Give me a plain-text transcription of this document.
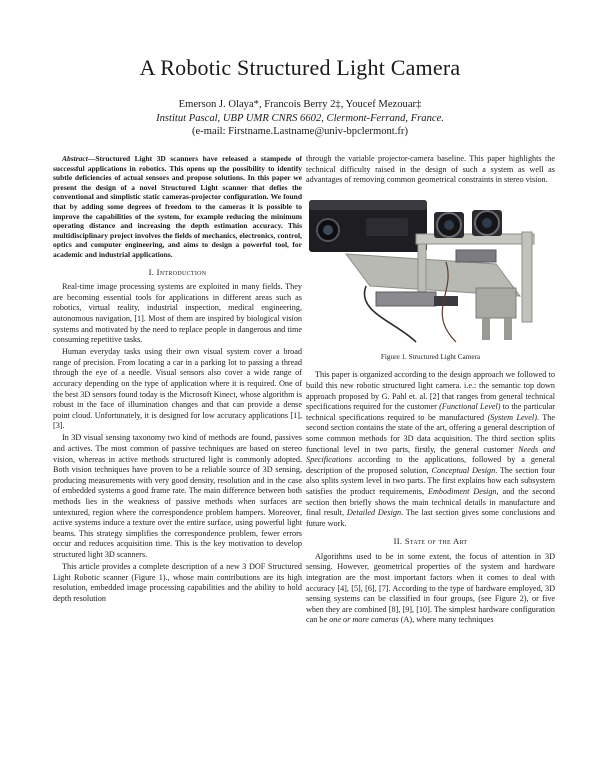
A Robotic Structured Light Camera
Emerson J. Olaya*, Francois Berry 2‡, Youcef Mezouar‡
Institut Pascal, UBP UMR CNRS 6602, Clermont-Ferrand, France.
(e-mail: Firstname.Lastname@univ-bpclermont.fr)

Abstract—Structured Light 3D scanners have released a stampede of successful applications in robotics. This opens up the possibility to identify subtle deficiencies of actual sensors and propose solutions. In this paper we present the design of a novel Structured Light scanner that defies the conventional and simplistic static cameras-projector configuration. We found that by adding some degrees of freedom to the cameras it is possible to improve the capabilities of the system, for example reducing the minimum operating distance and increasing the depth estimation accuracy. This multidisciplinary project involves the fields of mechanics, electronics, control, optics and computer engineering, and aims to design a powerful tool, for academic and industrial applications.

I. Introduction

Real-time image processing systems are exploited in many fields. They are becoming essential tools for applications in different areas such as robotics, virtual reality, industrial inspection, medical engineering, autonomous navigation, [1]. Most of them are inspired by biological vision systems and motivated by the need to replace people in dangerous and time consuming repetitive tasks.

Human everyday tasks using their own visual system cover a broad range of precision. From locating a car in a parking lot to passing a thread through the eye of a needle. Visual sensors also cover a wide range of accuracy depending on the type of application where it is required. One of the best 3D sensors found today is the Microsoft Kinect, whose algorithm is robust in the face of illumination changes and that can provide a dense point cloud. Unfortunately, it is designed for low accuracy applications [1], [3].

In 3D visual sensing taxonomy two kind of methods are found, passives and actives. The most common of passive techniques are based on stereo vision, whereas in active methods structured light is commonly adopted. Both vision techniques have proven to be a reliable source of 3D sensing, producing measurements with very good density, resolution and in the case of embedded systems a good frame rate. The main difference between both methods lies in the weakness of passive methods when surfaces are untextured, region where the correspondence problem hampers. Moreover, active systems induce a texture over the entire surface, using powerful light beams. This strategy simplifies the correspondence problem, fewer errors occur and reduces acquisition time. This is the key motivation to develop structured light 3D scanners.

This article provides a complete description of a new 3 DOF Structured Light Robotic scanner (Figure 1)., whose main contributions are its high resolution, embedded image processing capabilities and the ability to hold depth resolution

through the variable projector-camera baseline. This paper highlights the technical difficulty raised in the design of such a system as well as advantages of removing common geometrical constraints in stereo vision.

Figure 1. Structured Light Camera

This paper is organized according to the design approach we followed to build this new robotic structured light camera. i.e.: the semantic top down approach proposed by G. Pahl et. al. [2] that ranges from general technical specifications required for the customer (Functional Level) to the particular technical specifications required to be manufactured (System Level). The second section contains the state of the art, offering a general description of some common methods for 3D data acquisition. The third section splits functional level in two parts, firstly, the general customer Needs and Specifications according to the applications, followed by a general description of the proposed solution, Conceptual Design. The section four also splits system level in two parts. The first explains how each subsystem satisfies the product requirements, Embodiment Design, and the second section then briefly shows the main technical details in manufacture and final result, Detailed Design. The last section gives some conclusions and future work.

II. State of the Art

Algorithms used to be in some extent, the focus of attention in 3D sensing. However, geometrical properties of the system and hardware integration are the most important factors when it comes to deal with accuracy [4], [5], [6], [7]. According to the type of hardware employed, 3D sensing systems can be classified in four groups, (see Figure 2), or five when they are combined [8], [9], [10]. The simplest hardware configuration can be one or more cameras (A), where many techniques
